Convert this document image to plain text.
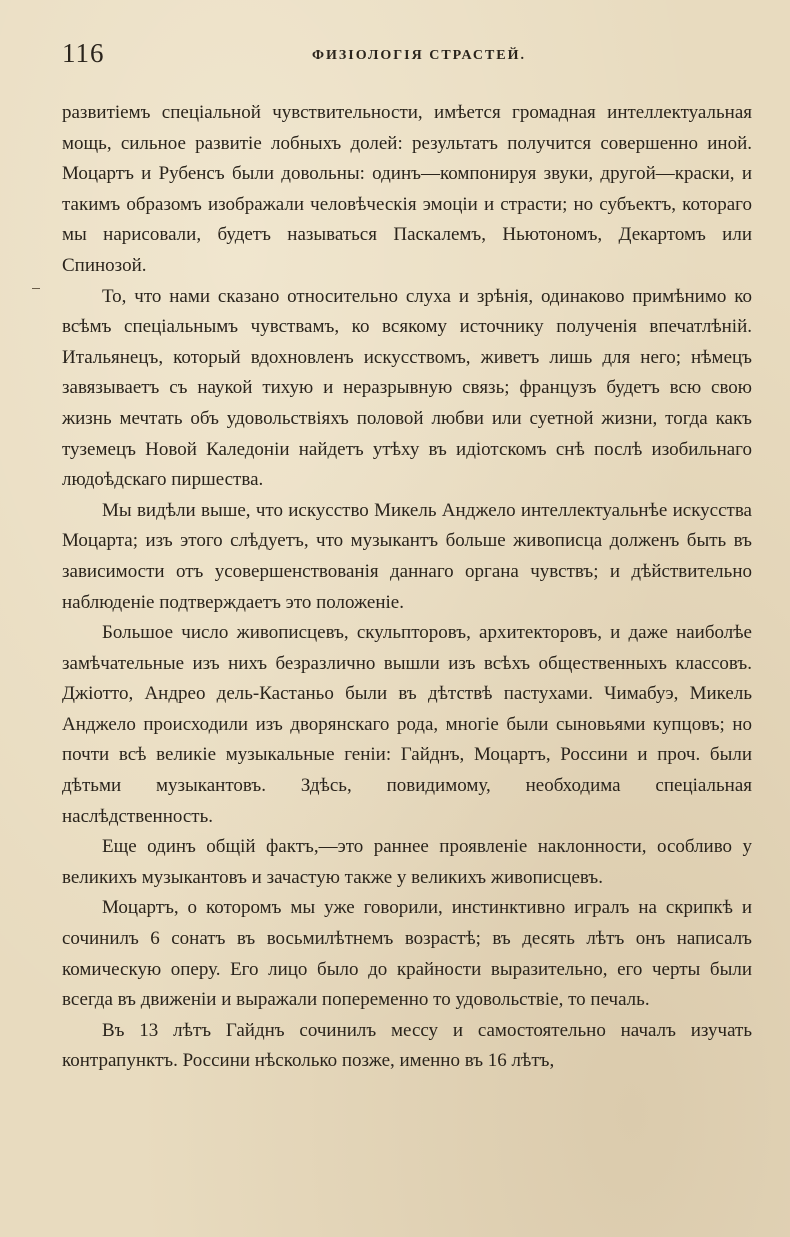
116	ФИЗІОЛОГІЯ СТРАСТЕЙ.

развитіемъ спеціальной чувствительности, имѣется громадная интеллектуальная мощь, сильное развитіе лобныхъ долей: результатъ получится совершенно иной. Моцартъ и Рубенсъ были довольны: одинъ—компонируя звуки, другой—краски, и такимъ образомъ изображали человѣческія эмоціи и страсти; но субъектъ, котораго мы нарисовали, будетъ называться Паскалемъ, Ньютономъ, Декартомъ или Спинозой.

То, что нами сказано относительно слуха и зрѣнія, одинаково примѣнимо ко всѣмъ спеціальнымъ чувствамъ, ко всякому источнику полученія впечатлѣній. Итальянецъ, который вдохновленъ искусствомъ, живетъ лишь для него; нѣмецъ завязываетъ съ наукой тихую и неразрывную связь; французъ будетъ всю свою жизнь мечтать объ удовольствіяхъ половой любви или суетной жизни, тогда какъ туземецъ Новой Каледоніи найдетъ утѣху въ идіотскомъ снѣ послѣ изобильнаго людоѣдскаго пиршества.

Мы видѣли выше, что искусство Микель Анджело интеллектуальнѣе искусства Моцарта; изъ этого слѣдуетъ, что музыкантъ больше живописца долженъ быть въ зависимости отъ усовершенствованія даннаго органа чувствъ; и дѣйствительно наблюденіе подтверждаетъ это положеніе.

Большое число живописцевъ, скульпторовъ, архитекторовъ, и даже наиболѣе замѣчательные изъ нихъ безразлично вышли изъ всѣхъ общественныхъ классовъ. Джіотто, Андрео дель-Кастаньо были въ дѣтствѣ пастухами. Чимабуэ, Микель Анджело происходили изъ дворянскаго рода, многіе были сыновьями купцовъ; но почти всѣ великіе музыкальные геніи: Гайднъ, Моцартъ, Россини и проч. были дѣтьми музыкантовъ. Здѣсь, повидимому, необходима спеціальная наслѣдственность.

Еще одинъ общій фактъ,—это раннее проявленіе наклонности, особливо у великихъ музыкантовъ и зачастую также у великихъ живописцевъ.

Моцартъ, о которомъ мы уже говорили, инстинктивно игралъ на скрипкѣ и сочинилъ 6 сонатъ въ восьмилѣтнемъ возрастѣ; въ десять лѣтъ онъ написалъ комическую оперу. Его лицо было до крайности выразительно, его черты были всегда въ движеніи и выражали попеременно то удовольствіе, то печаль.

Въ 13 лѣтъ Гайднъ сочинилъ мессу и самостоятельно началъ изучать контрапунктъ. Россини нѣсколько позже, именно въ 16 лѣтъ,
